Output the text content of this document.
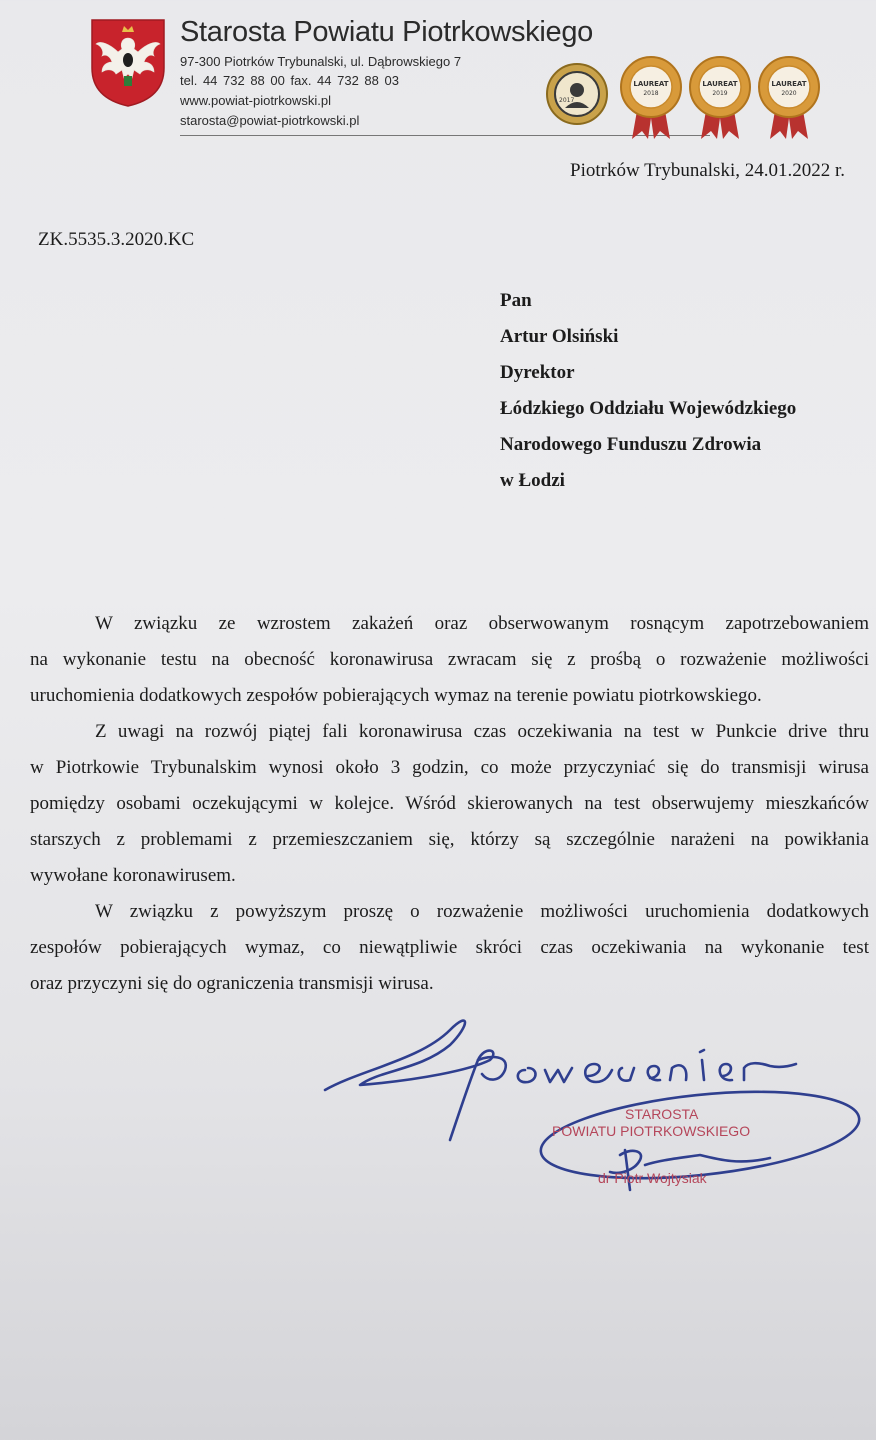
Starosta Powiatu Piotrkowskiego
97-300 Piotrków Trybunalski, ul. Dąbrowskiego 7
tel. 44 732 88 00 fax. 44 732 88 03
www.powiat-piotrkowski.pl
starosta@powiat-piotrkowski.pl
2017
LAUREAT
2018
LAUREAT
2019
LAUREAT
2020
Piotrków Trybunalski, 24.01.2022 r.
ZK.5535.3.2020.KC
Pan
Artur Olsiński
Dyrektor
Łódzkiego Oddziału Wojewódzkiego
Narodowego Funduszu Zdrowia
w Łodzi
W związku ze wzrostem zakażeń oraz obserwowanym rosnącym zapotrzebowaniem
na wykonanie testu na obecność koronawirusa zwracam się z prośbą o rozważenie możliwości
uruchomienia dodatkowych zespołów pobierających wymaz na terenie powiatu piotrkowskiego.
Z uwagi na rozwój piątej fali koronawirusa czas oczekiwania na test w Punkcie drive thru
w Piotrkowie Trybunalskim wynosi około 3 godzin, co może przyczyniać się do transmisji wirusa
pomiędzy osobami oczekującymi w kolejce. Wśród skierowanych na test obserwujemy mieszkańców
starszych z problemami z przemieszczaniem się, którzy są szczególnie narażeni na powikłania
wywołane koronawirusem.
W związku z powyższym proszę o rozważenie możliwości uruchomienia dodatkowych
zespołów pobierających wymaz, co niewątpliwie skróci czas oczekiwania na wykonanie test
oraz przyczyni się do ograniczenia transmisji wirusa.
STAROSTA
POWIATU PIOTRKOWSKIEGO
dr Piotr Wojtysiak
